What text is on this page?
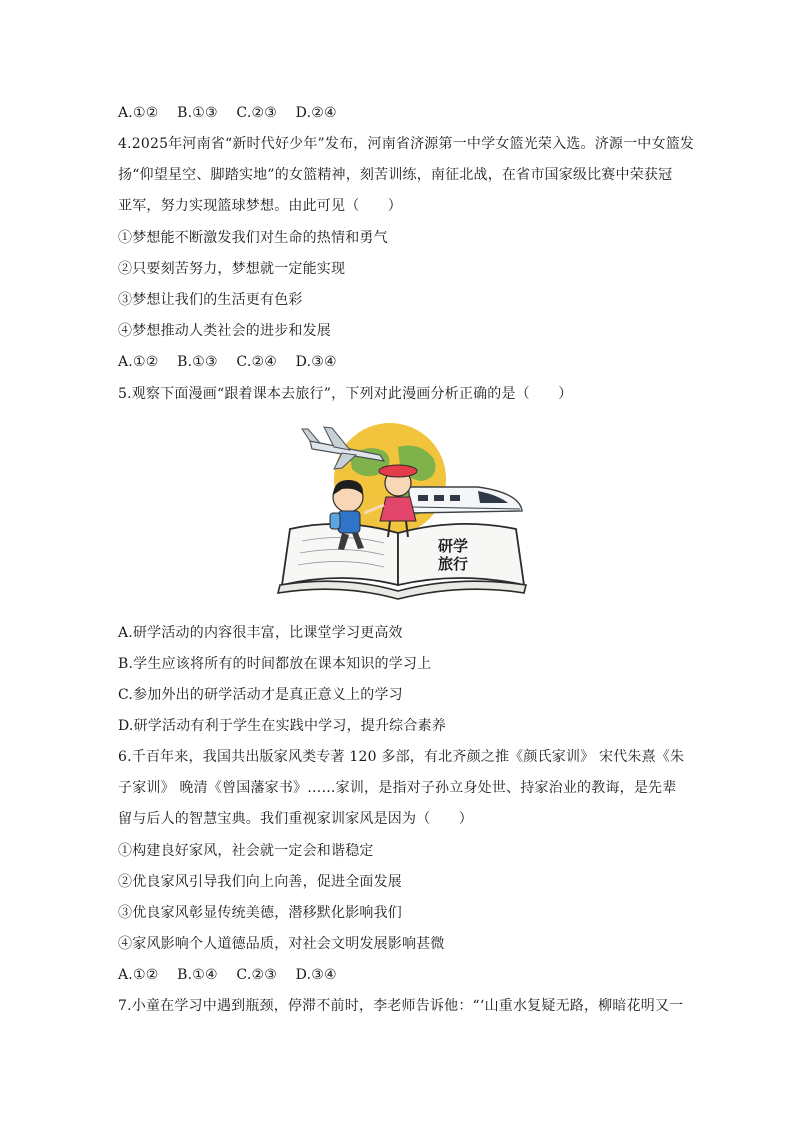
A.①② B.①③ C.②③ D.②④
4.2025年河南省“新时代好少年”发布，河南省济源第一中学女篮光荣入选。济源一中女篮发
扬“仰望星空、脚踏实地”的女篮精神，刻苦训练，南征北战，在省市国家级比赛中荣获冠
亚军，努力实现篮球梦想。由此可见（　　）
①梦想能不断激发我们对生命的热情和勇气
②只要刻苦努力，梦想就一定能实现
③梦想让我们的生活更有色彩
④梦想推动人类社会的进步和发展
A.①② B.①③ C.②④ D.③④
5.观察下面漫画“跟着课本去旅行”，下列对此漫画分析正确的是（　　）
研学
旅行
A.研学活动的内容很丰富，比课堂学习更高效
B.学生应该将所有的时间都放在课本知识的学习上
C.参加外出的研学活动才是真正意义上的学习
D.研学活动有利于学生在实践中学习，提升综合素养
6.千百年来，我国共出版家风类专著 120 多部，有北齐颜之推《颜氏家训》 宋代朱熹《朱
子家训》 晚清《曾国藩家书》……家训，是指对子孙立身处世、持家治业的教诲，是先辈
留与后人的智慧宝典。我们重视家训家风是因为（　　）
①构建良好家风，社会就一定会和谐稳定
②优良家风引导我们向上向善，促进全面发展
③优良家风彰显传统美德，潜移默化影响我们
④家风影响个人道德品质，对社会文明发展影响甚微
A.①② B.①④ C.②③ D.③④
7.小童在学习中遇到瓶颈，停滞不前时，李老师告诉他：“‘山重水复疑无路，柳暗花明又一
